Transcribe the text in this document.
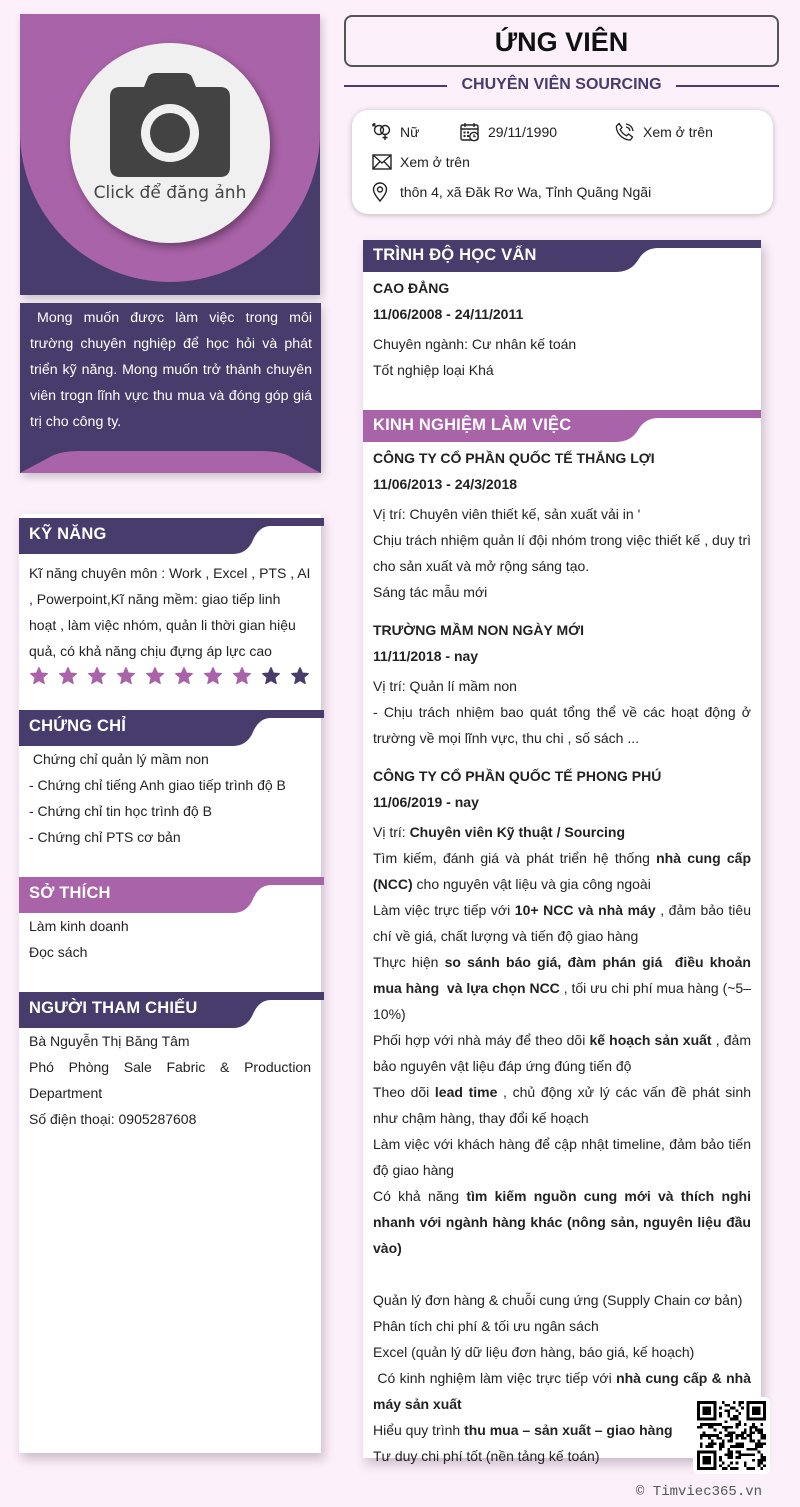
Click để đăng ảnh

Mong muốn được làm việc trong môi trường chuyên nghiệp để học hỏi và phát triển kỹ năng. Mong muốn trở thành chuyên viên trogn lĩnh vực thu mua và đóng góp giá trị cho công ty.

KỸ NĂNG

Kĩ năng chuyên môn : Work , Excel , PTS , AI , Powerpoint,Kĩ năng mềm: giao tiếp linh hoạt , làm việc nhóm, quản li thời gian hiệu quả, có khả năng chịu đựng áp lực cao

CHỨNG CHỈ
Chứng chỉ quản lý mầm non
- Chứng chỉ tiếng Anh giao tiếp trình độ B
- Chứng chỉ tin học trình độ B
- Chứng chỉ PTS cơ bản
SỞ THÍCH
Làm kinh doanh
Đọc sách
NGƯỜI THAM CHIẾU
Bà Nguyễn Thị Băng Tâm
Phó Phòng Sale Fabric & Production Department
Số điện thoại: 0905287608
ỨNG VIÊN
CHUYÊN VIÊN SOURCING
Nữ	29/11/1990	Xem ở trên
Xem ở trên
thôn 4, xã Đăk Rơ Wa, Tỉnh Quãng Ngãi
TRÌNH ĐỘ HỌC VẤN
CAO ĐẲNG
11/06/2008 - 24/11/2011
Chuyên ngành: Cư nhân kế toán
Tốt nghiệp loại Khá
KINH NGHIỆM LÀM VIỆC
CÔNG TY CỔ PHẦN QUỐC TẾ THẮNG LỢI
11/06/2013 - 24/3/2018
Vị trí: Chuyên viên thiết kế, sản xuất vải in '
Chịu trách nhiệm quản lí đội nhóm trong việc thiết kế , duy trì cho sản xuất và mở rộng sáng tạo.
Sáng tác mẫu mới
TRƯỜNG MẦM NON NGÀY MỚI
11/11/2018 - nay
Vị trí: Quản lí mầm non
- Chịu trách nhiệm bao quát tổng thể về các hoạt động ở trường về mọi lĩnh vực, thu chi , số sách ...
CÔNG TY CỔ PHẦN QUỐC TẾ PHONG PHÚ
11/06/2019 - nay
Vị trí: Chuyên viên Kỹ thuật / Sourcing
Tìm kiếm, đánh giá và phát triển hệ thống nhà cung cấp (NCC) cho nguyên vật liệu và gia công ngoài
Làm việc trực tiếp với 10+ NCC và nhà máy , đảm bảo tiêu chí về giá, chất lượng và tiến độ giao hàng
Thực hiện so sánh báo giá, đàm phán giá  điều khoản mua hàng  và lựa chọn NCC , tối ưu chi phí mua hàng (~5–10%)
Phối hợp với nhà máy để theo dõi kế hoạch sản xuất , đảm bảo nguyên vật liệu đáp ứng đúng tiến độ
Theo dõi lead time , chủ động xử lý các vấn đề phát sinh như chậm hàng, thay đổi kế hoạch
Làm việc với khách hàng để cập nhật timeline, đảm bảo tiến độ giao hàng
Có khả năng tìm kiếm nguồn cung mới và thích nghi nhanh với ngành hàng khác (nông sản, nguyên liệu đầu vào)

Quản lý đơn hàng & chuỗi cung ứng (Supply Chain cơ bản)
Phân tích chi phí & tối ưu ngân sách
Excel (quản lý dữ liệu đơn hàng, báo giá, kế hoạch)
Có kinh nghiệm làm việc trực tiếp với nhà cung cấp & nhà máy sản xuất
Hiểu quy trình thu mua – sản xuất – giao hàng
Tư duy chi phí tốt (nền tảng kế toán)
© Timviec365.vn
